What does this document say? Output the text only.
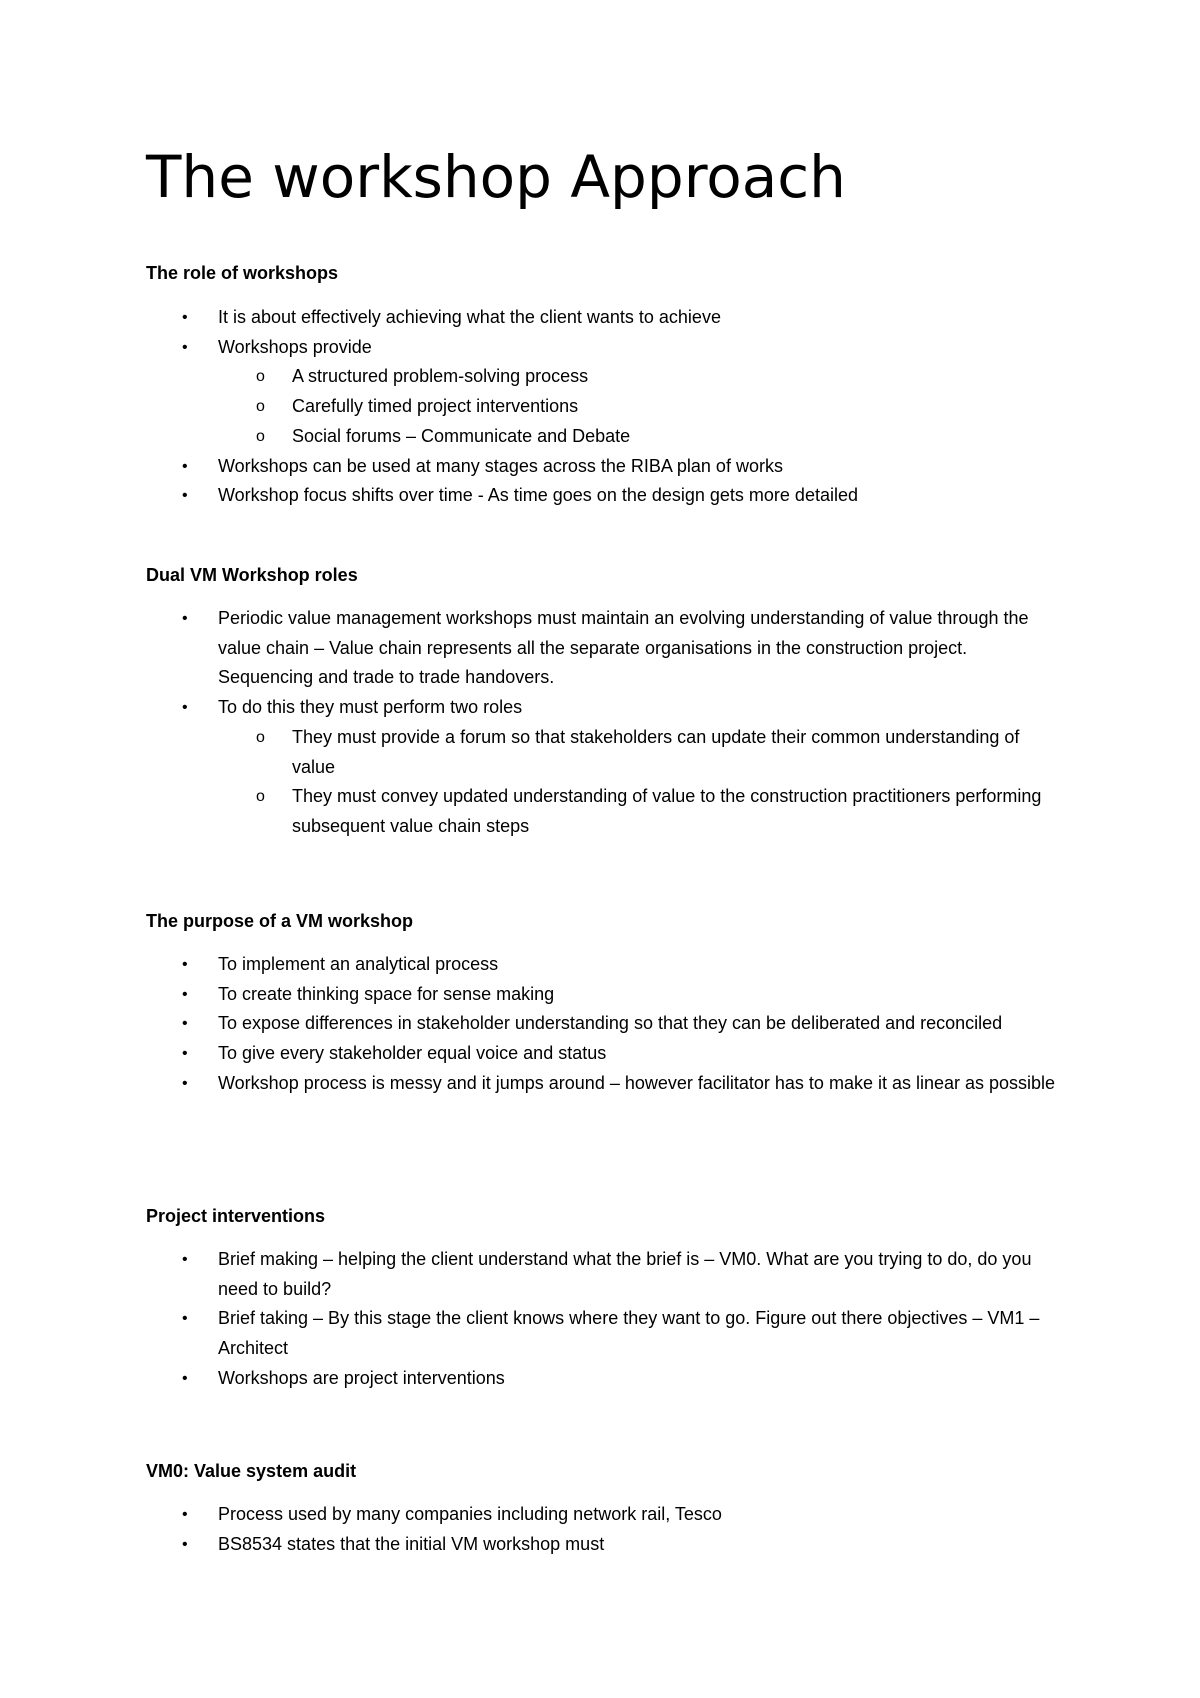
The workshop Approach
The role of workshops
• It is about effectively achieving what the client wants to achieve
• Workshops provide
o A structured problem-solving process
o Carefully timed project interventions
o Social forums – Communicate and Debate
• Workshops can be used at many stages across the RIBA plan of works
• Workshop focus shifts over time - As time goes on the design gets more detailed
Dual VM Workshop roles
• Periodic value management workshops must maintain an evolving understanding of value through the value chain – Value chain represents all the separate organisations in the construction project. Sequencing and trade to trade handovers.
• To do this they must perform two roles
o They must provide a forum so that stakeholders can update their common understanding of value
o They must convey updated understanding of value to the construction practitioners performing subsequent value chain steps
The purpose of a VM workshop
• To implement an analytical process
• To create thinking space for sense making
• To expose differences in stakeholder understanding so that they can be deliberated and reconciled
• To give every stakeholder equal voice and status
• Workshop process is messy and it jumps around – however facilitator has to make it as linear as possible
Project interventions
• Brief making – helping the client understand what the brief is – VM0. What are you trying to do, do you need to build?
• Brief taking – By this stage the client knows where they want to go. Figure out there objectives – VM1 – Architect
• Workshops are project interventions
VM0: Value system audit
• Process used by many companies including network rail, Tesco
• BS8534 states that the initial VM workshop must
